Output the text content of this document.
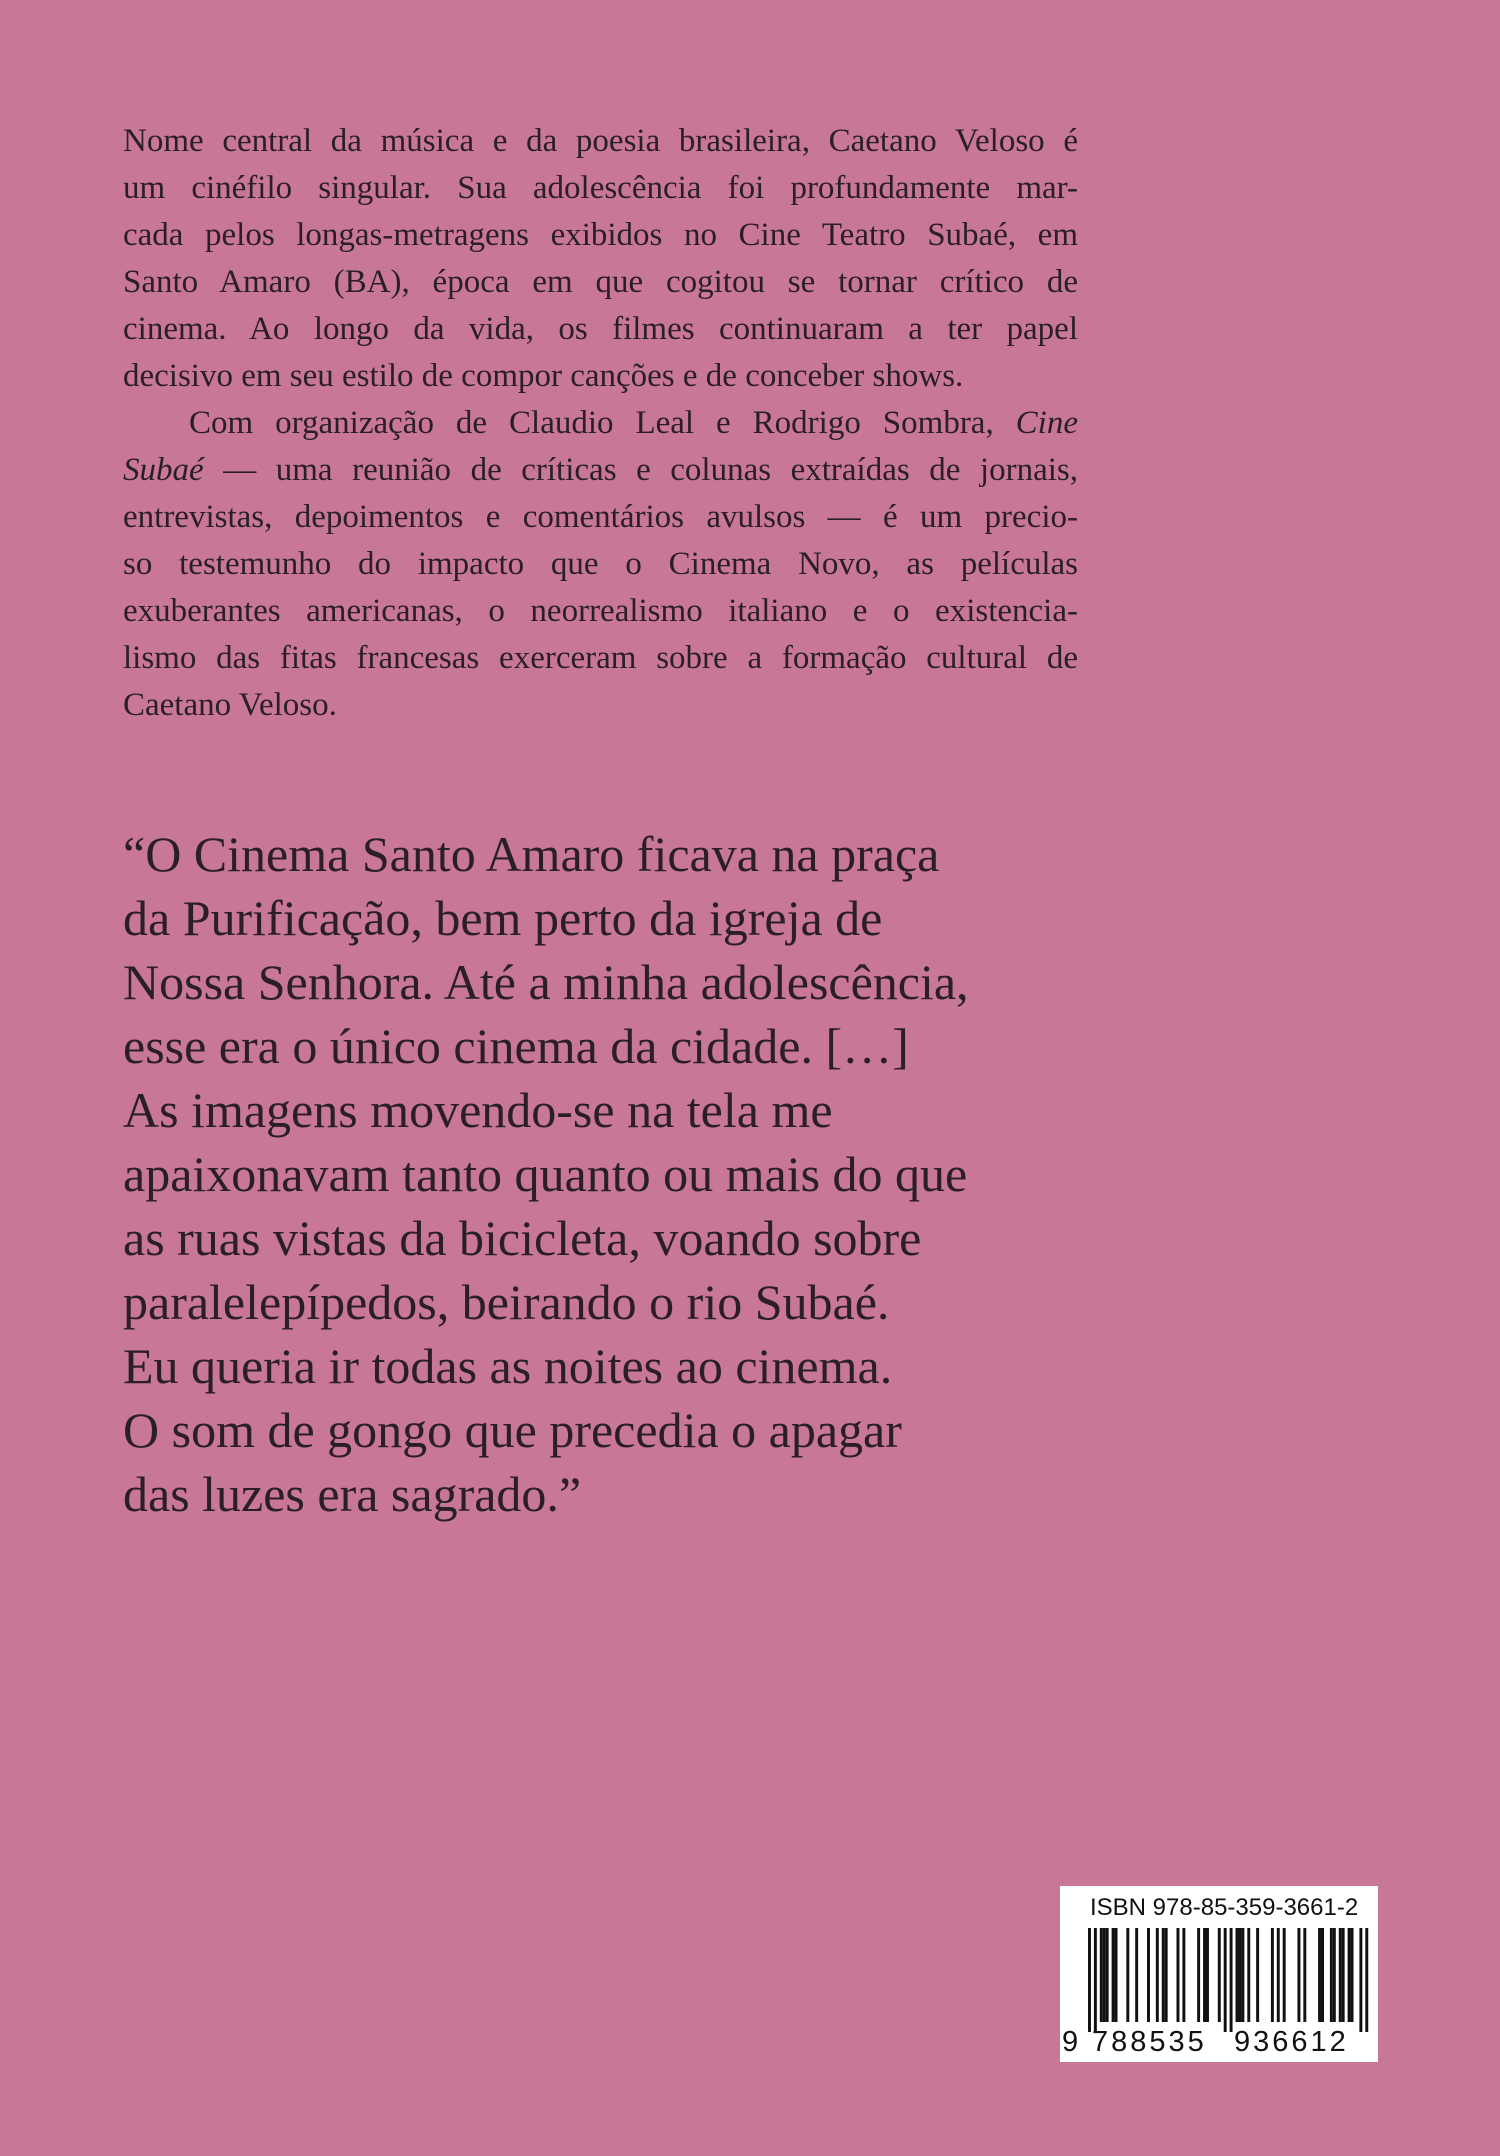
Nome central da música e da poesia brasileira, Caetano Veloso é
um cinéfilo singular. Sua adolescência foi profundamente mar-
cada pelos longas-metragens exibidos no Cine Teatro Subaé, em
Santo Amaro (BA), época em que cogitou se tornar crítico de
cinema. Ao longo da vida, os filmes continuaram a ter papel
decisivo em seu estilo de compor canções e de conceber shows.

Com organização de Claudio Leal e Rodrigo Sombra, Cine
Subaé — uma reunião de críticas e colunas extraídas de jornais,
entrevistas, depoimentos e comentários avulsos — é um precio-
so testemunho do impacto que o Cinema Novo, as películas
exuberantes americanas, o neorrealismo italiano e o existencia-
lismo das fitas francesas exerceram sobre a formação cultural de
Caetano Veloso.

“O Cinema Santo Amaro ficava na praça
da Purificação, bem perto da igreja de
Nossa Senhora. Até a minha adolescência,
esse era o único cinema da cidade. […]
As imagens movendo-se na tela me
apaixonavam tanto quanto ou mais do que
as ruas vistas da bicicleta, voando sobre
paralelepípedos, beirando o rio Subaé.
Eu queria ir todas as noites ao cinema.
O som de gongo que precedia o apagar
das luzes era sagrado.”
ISBN 978-85-359-3661-2
9 788535 936612
